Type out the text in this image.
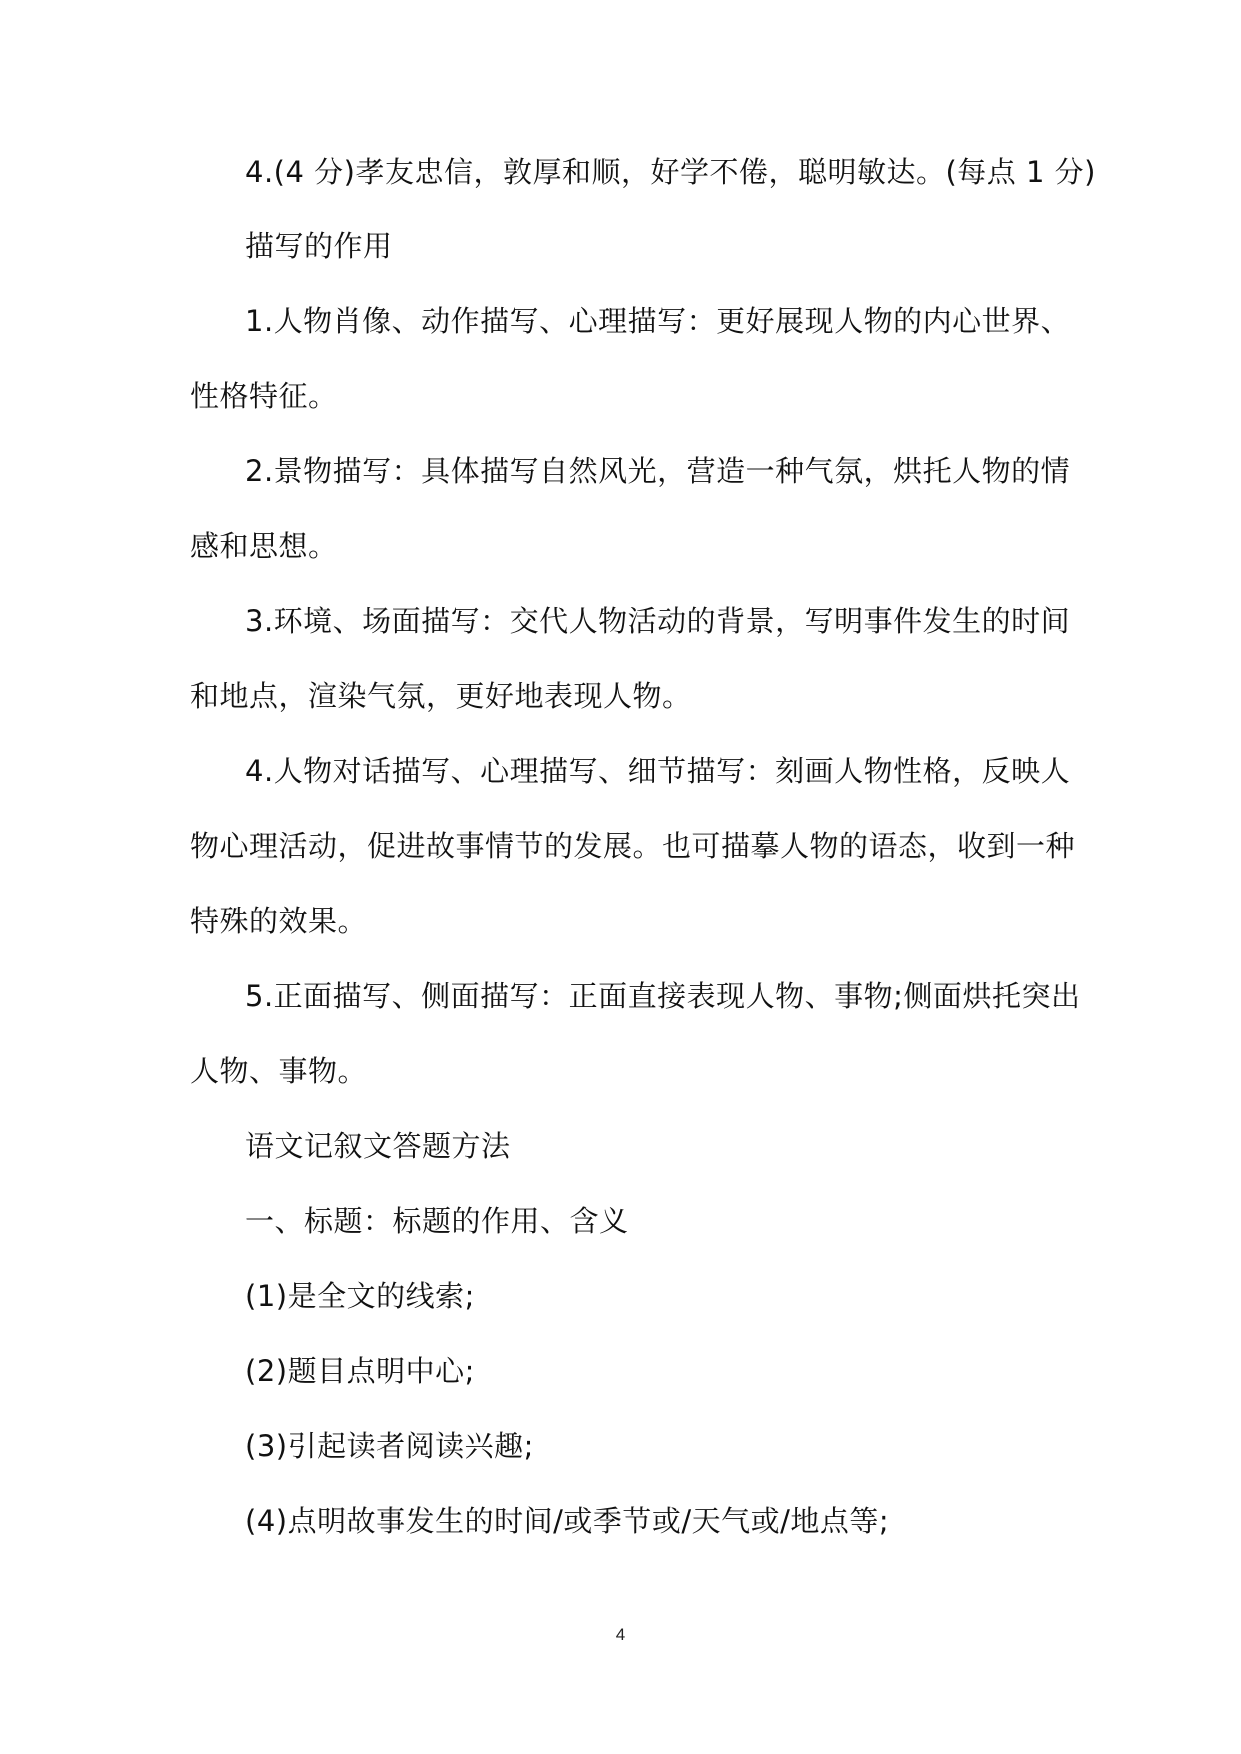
4.(4 分)孝友忠信，敦厚和顺，好学不倦，聪明敏达。(每点 1 分)
描写的作用
1.人物肖像、动作描写、心理描写：更好展现人物的内心世界、
性格特征。
2.景物描写：具体描写自然风光，营造一种气氛，烘托人物的情
感和思想。
3.环境、场面描写：交代人物活动的背景，写明事件发生的时间
和地点，渲染气氛，更好地表现人物。
4.人物对话描写、心理描写、细节描写：刻画人物性格，反映人
物心理活动，促进故事情节的发展。也可描摹人物的语态，收到一种
特殊的效果。
5.正面描写、侧面描写：正面直接表现人物、事物;侧面烘托突出
人物、事物。
语文记叙文答题方法
一、标题：标题的作用、含义
(1)是全文的线索;
(2)题目点明中心;
(3)引起读者阅读兴趣;
(4)点明故事发生的时间/或季节或/天气或/地点等;
4
